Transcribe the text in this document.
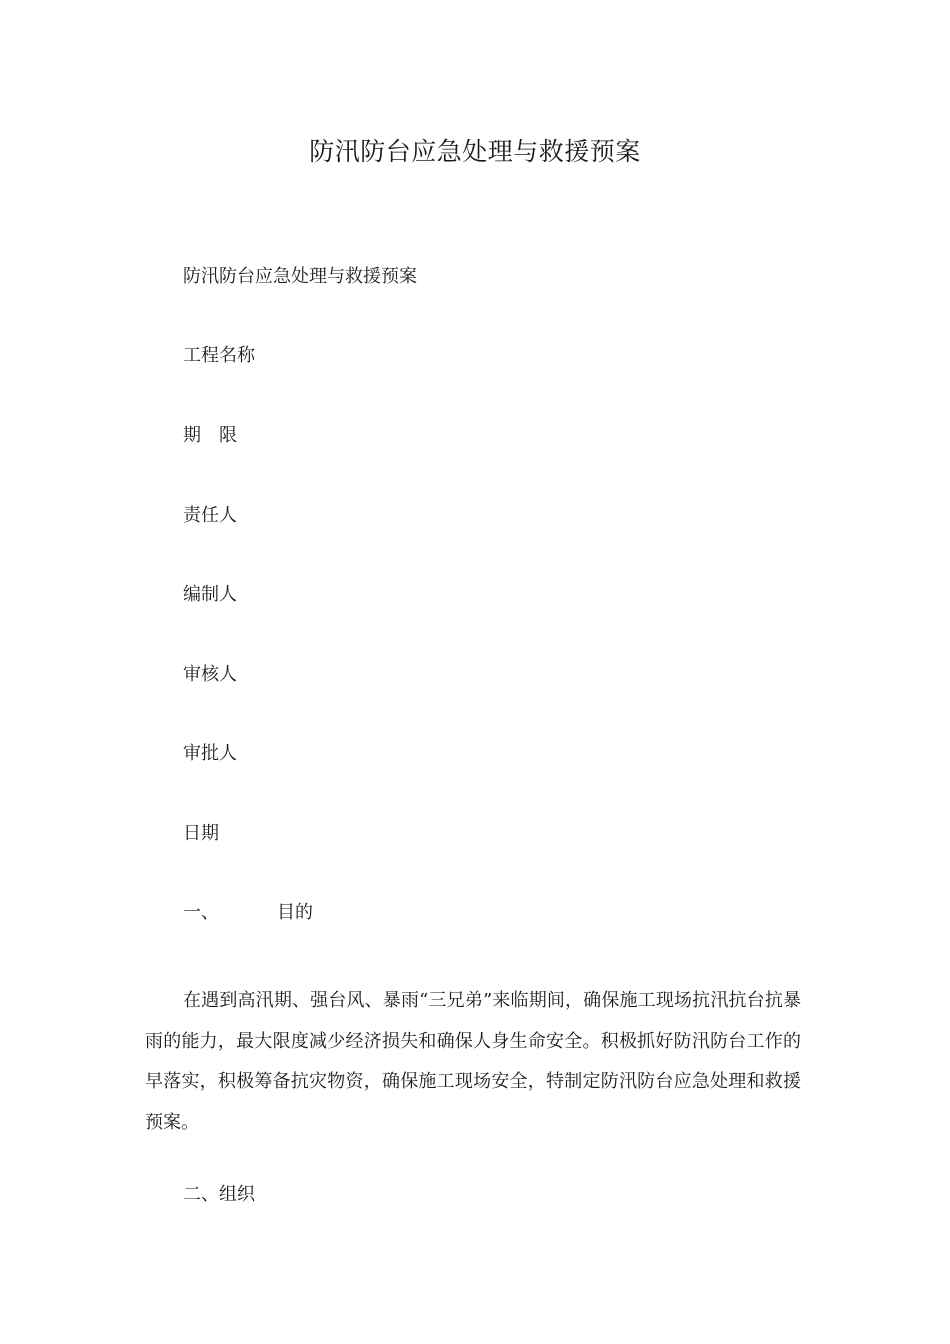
防汛防台应急处理与救援预案
防汛防台应急处理与救援预案
工程名称
期　限
责任人
编制人
审核人
审批人
日期
一、	目的
在遇到高汛期、强台风、暴雨“三兄弟”来临期间，确保施工现场抗汛抗台抗暴雨的能力，最大限度减少经济损失和确保人身生命安全。积极抓好防汛防台工作的早落实，积极筹备抗灾物资，确保施工现场安全，特制定防汛防台应急处理和救援预案。
二、组织
